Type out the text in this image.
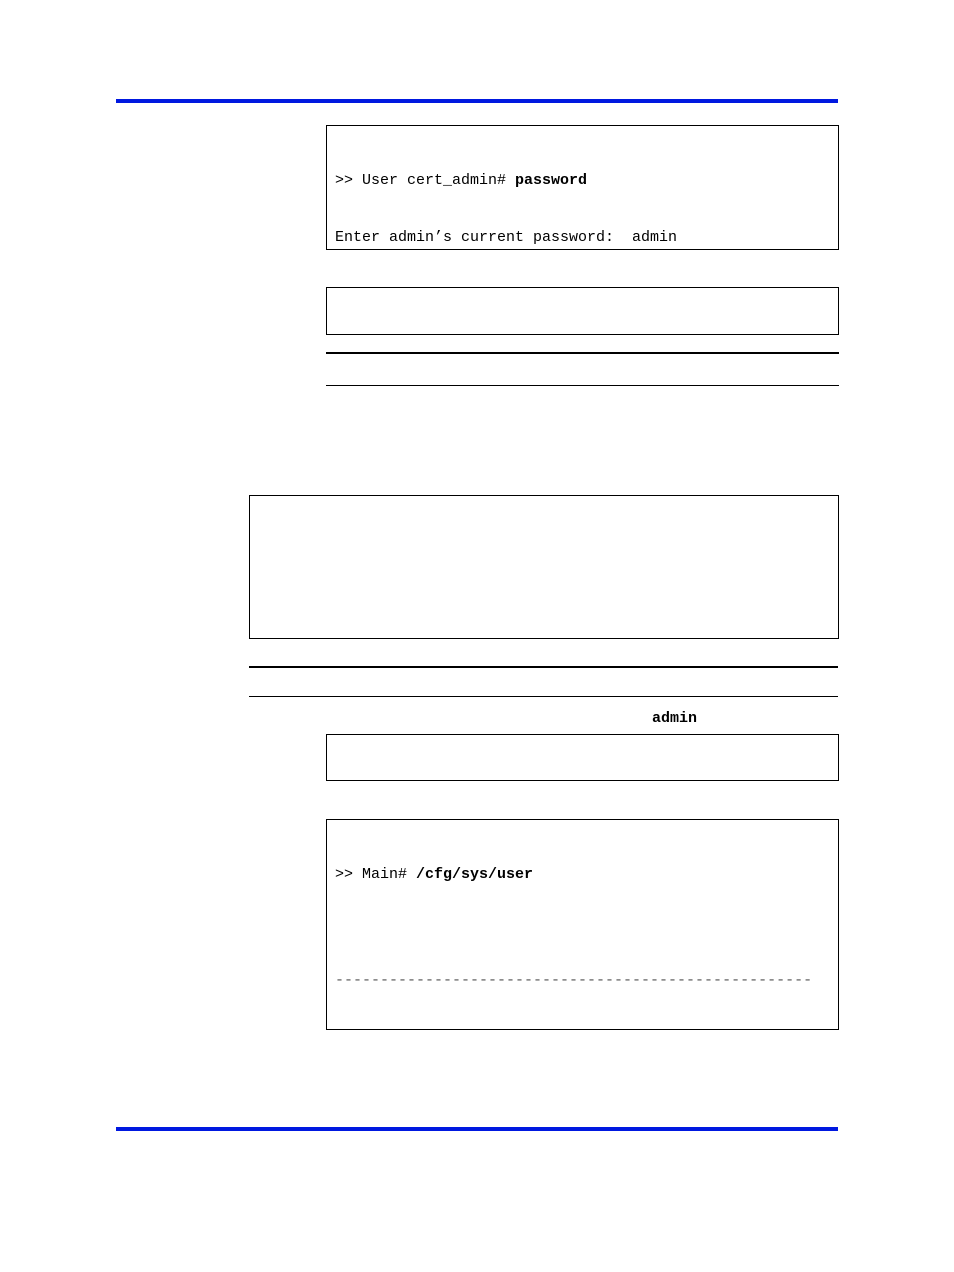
>> User cert_admin# password

Enter admin’s current password:  admin

admin

>> Main# /cfg/sys/user

-----------------------------------------------------
